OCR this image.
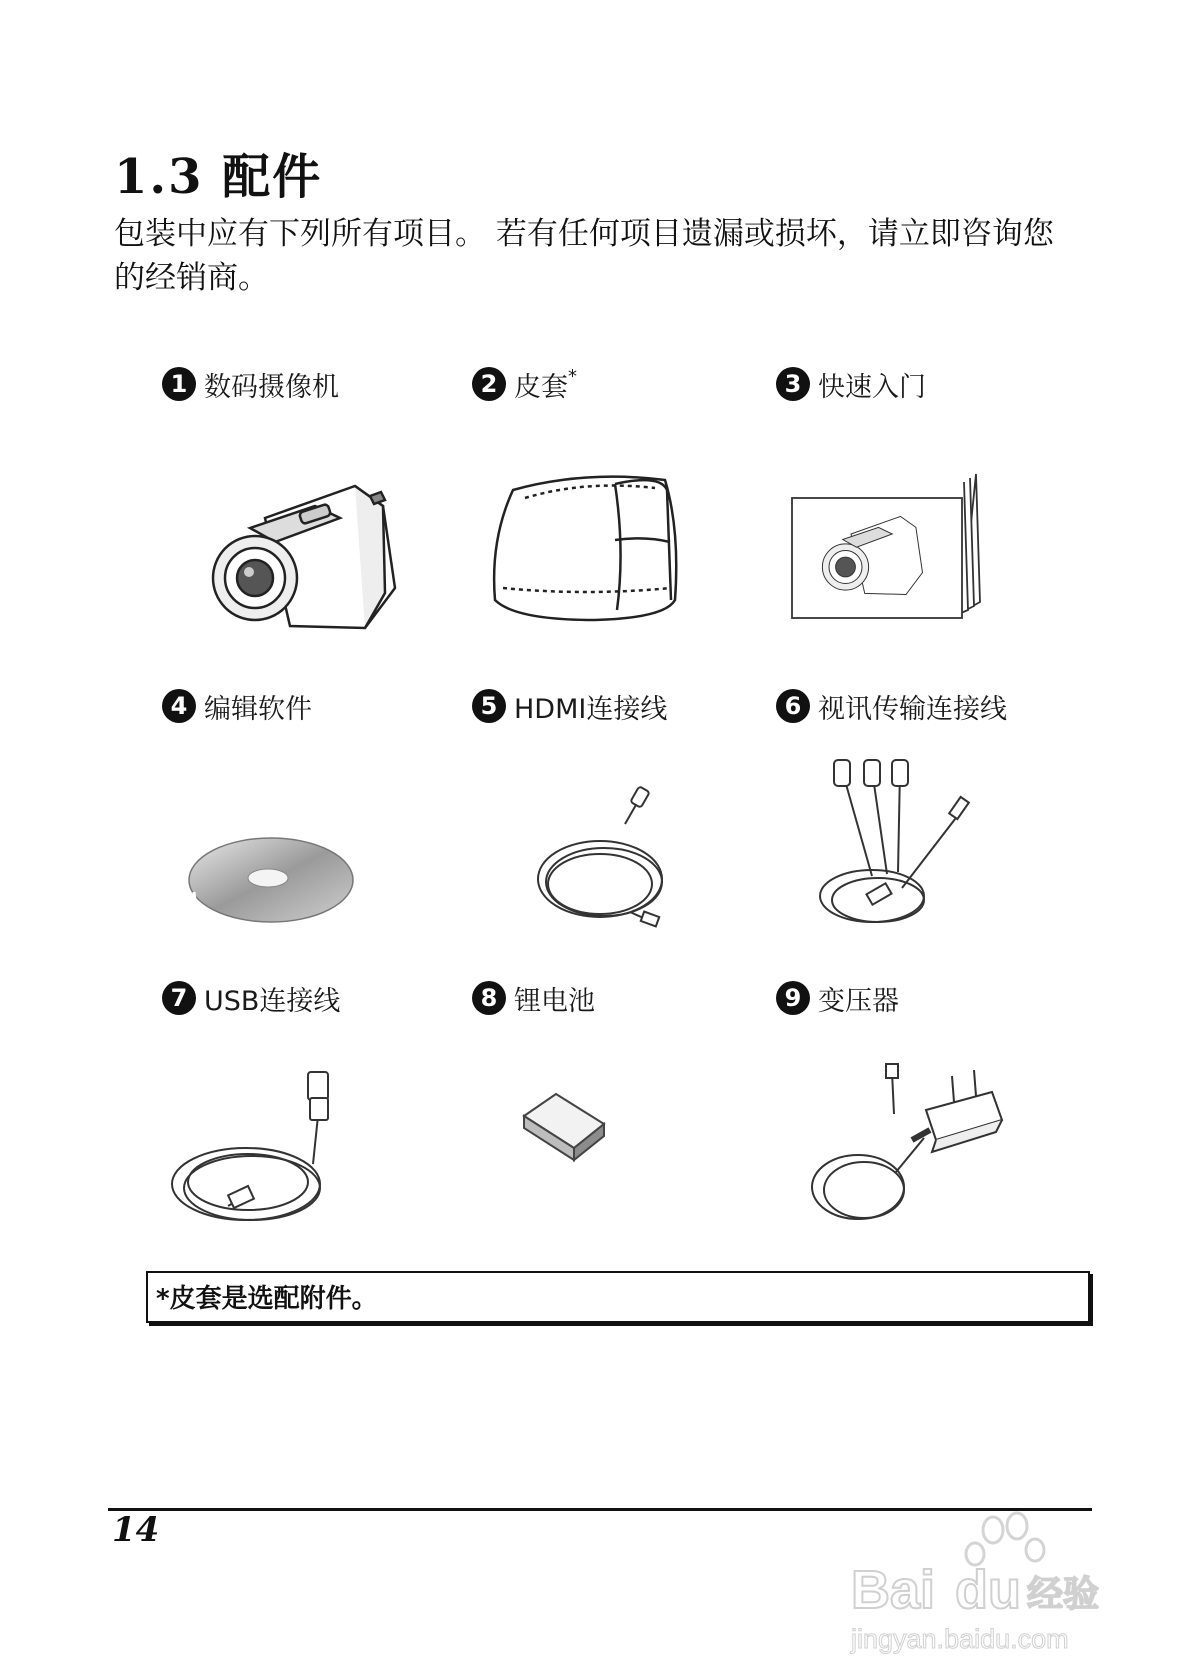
1.3 配件
包装中应有下列所有项目。 若有任何项目遗漏或损坏，请立即咨询您
的经销商。
1 数码摄像机	2 皮套 *	3 快速入门
4 编辑软件	5 HDMI连接线	6 视讯传输连接线
7 USB连接线	8 锂电池	9 变压器
*皮套是选配附件。
14
Bai du 经验
jingyan.baidu.com
